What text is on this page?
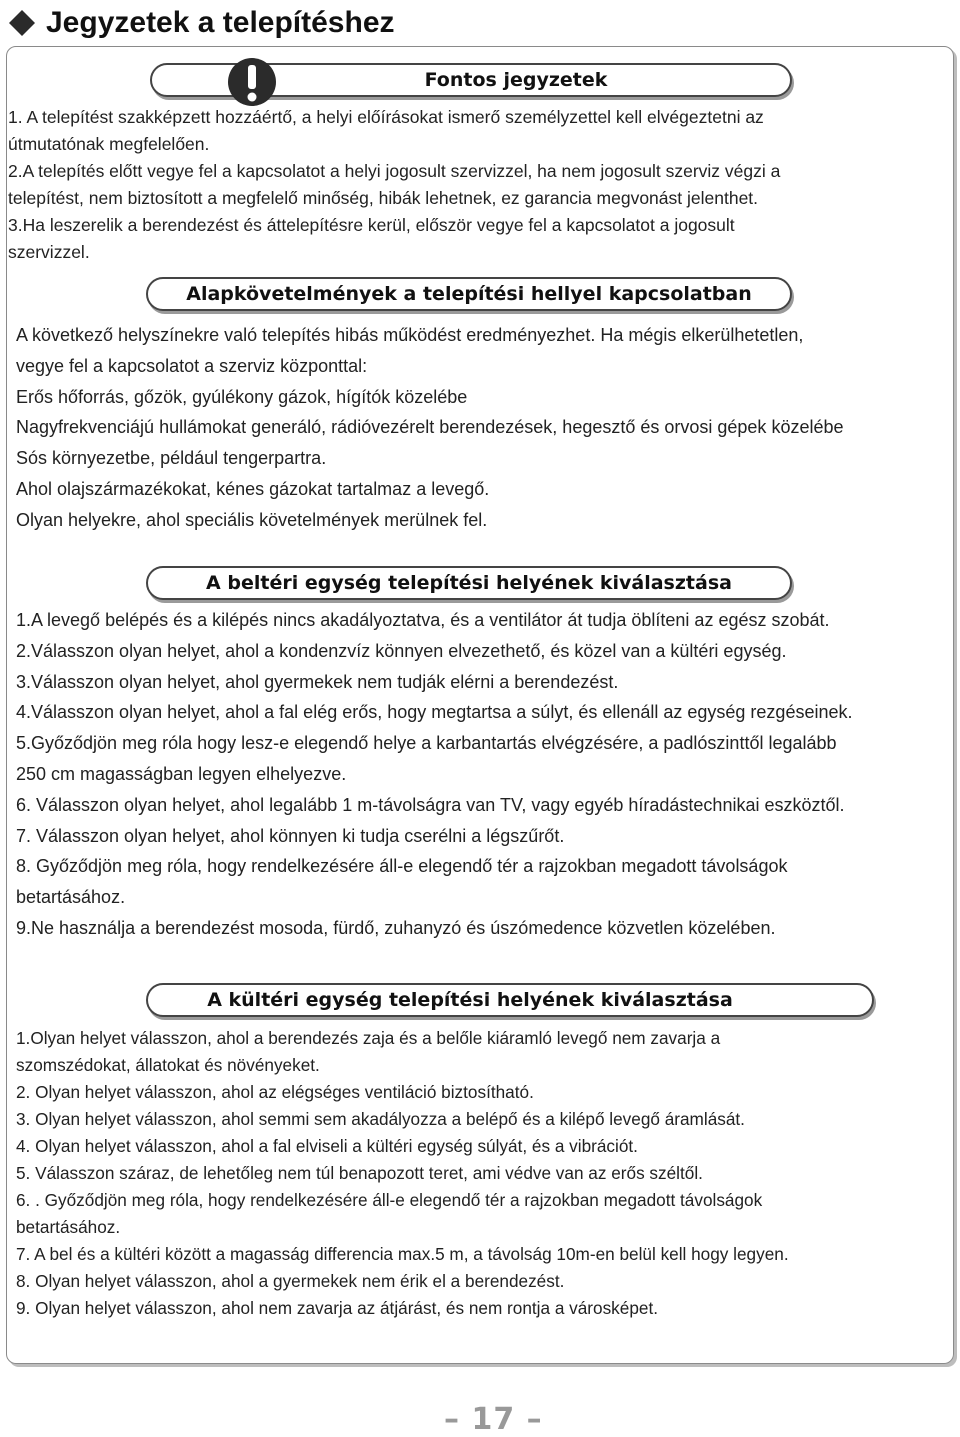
Jegyzetek a telepítéshez
Fontos jegyzetek
1. A telepítést szakképzett hozzáértő, a helyi előírásokat ismerő személyzettel kell elvégeztetni az
útmutatónak megfelelően.
2.A telepítés előtt vegye fel a kapcsolatot a helyi jogosult szervizzel, ha nem jogosult szerviz végzi a
telepítést, nem biztosított a megfelelő minőség, hibák lehetnek, ez garancia megvonást jelenthet.
3.Ha leszerelik a berendezést és áttelepítésre kerül, először vegye fel a kapcsolatot a jogosult
szervizzel.
Alapkövetelmények a telepítési hellyel kapcsolatban
A következő helyszínekre való telepítés hibás működést eredményezhet. Ha mégis elkerülhetetlen,
vegye fel a kapcsolatot a szerviz központtal:
Erős hőforrás, gőzök, gyúlékony gázok, hígítók közelébe
Nagyfrekvenciájú hullámokat generáló, rádióvezérelt berendezések, hegesztő és orvosi gépek közelébe
Sós környezetbe, például tengerpartra.
Ahol olajszármazékokat, kénes gázokat tartalmaz a levegő.
Olyan helyekre, ahol speciális követelmények merülnek fel.
A beltéri egység telepítési helyének kiválasztása
1.A levegő belépés és a kilépés nincs akadályoztatva, és a ventilátor át tudja öblíteni az egész szobát.
2.Válasszon olyan helyet, ahol a kondenzvíz könnyen elvezethető, és közel van a kültéri egység.
3.Válasszon olyan helyet, ahol gyermekek nem tudják elérni a berendezést.
4.Válasszon olyan helyet, ahol a fal elég erős, hogy megtartsa a súlyt, és ellenáll az egység rezgéseinek.
5.Győződjön meg róla hogy lesz-e elegendő helye a karbantartás elvégzésére, a padlószinttől legalább
250 cm magasságban legyen elhelyezve.
6. Válasszon olyan helyet, ahol legalább 1 m-távolságra van TV, vagy egyéb híradástechnikai eszköztől.
7. Válasszon olyan helyet, ahol könnyen ki tudja cserélni a légszűrőt.
8. Győződjön meg róla, hogy rendelkezésére áll-e elegendő tér a rajzokban megadott távolságok
betartásához.
9.Ne használja a berendezést mosoda, fürdő, zuhanyzó és úszómedence közvetlen közelében.
A kültéri egység telepítési helyének kiválasztása
1.Olyan helyet válasszon, ahol a berendezés zaja és a belőle kiáramló levegő nem zavarja a
szomszédokat, állatokat és növényeket.
2. Olyan helyet válasszon, ahol az elégséges ventiláció biztosítható.
3. Olyan helyet válasszon, ahol semmi sem akadályozza a belépő és a kilépő levegő áramlását.
4. Olyan helyet válasszon, ahol a fal elviseli a kültéri egység súlyát, és a vibrációt.
5. Válasszon száraz, de lehetőleg nem túl benapozott teret, ami védve van az erős széltől.
6. . Győződjön meg róla, hogy rendelkezésére áll-e elegendő tér a rajzokban megadott távolságok
betartásához.
7. A bel és a kültéri között a magasság differencia max.5 m, a távolság 10m-en belül kell hogy legyen.
8. Olyan helyet válasszon, ahol a gyermekek nem érik el a berendezést.
9. Olyan helyet válasszon, ahol nem zavarja az átjárást, és nem rontja a városképet.
– 17 –
